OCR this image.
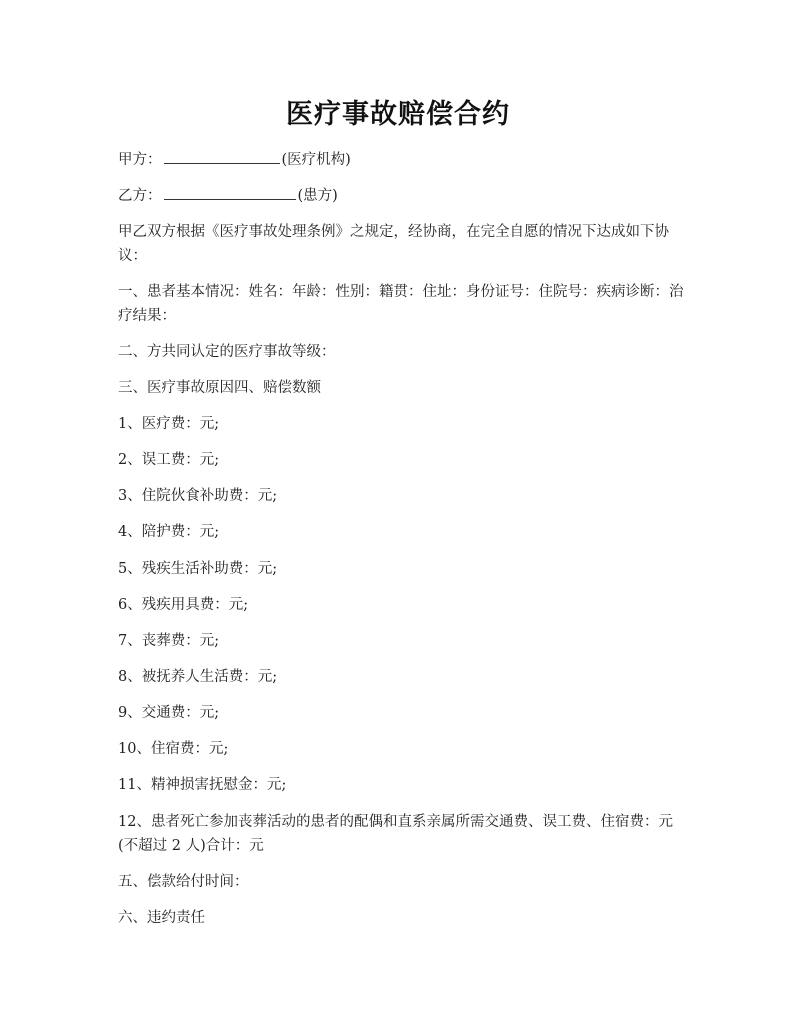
医疗事故赔偿合约

甲方：	(医疗机构)

乙方：	(患方)

甲乙双方根据《医疗事故处理条例》之规定，经协商，在完全自愿的情况下达成如下协议：

一、患者基本情况：姓名：年龄：性别：籍贯：住址：身份证号：住院号：疾病诊断：治疗结果：

二、方共同认定的医疗事故等级：

三、医疗事故原因四、赔偿数额

1、医疗费：元;

2、误工费：元;

3、住院伙食补助费：元;

4、陪护费：元;

5、残疾生活补助费：元;

6、残疾用具费：元;

7、丧葬费：元;

8、被抚养人生活费：元;

9、交通费：元;

10、住宿费：元;

11、精神损害抚慰金：元;

12、患者死亡参加丧葬活动的患者的配偶和直系亲属所需交通费、误工费、住宿费：元(不超过 2 人)合计：元

五、偿款给付时间：

六、违约责任
